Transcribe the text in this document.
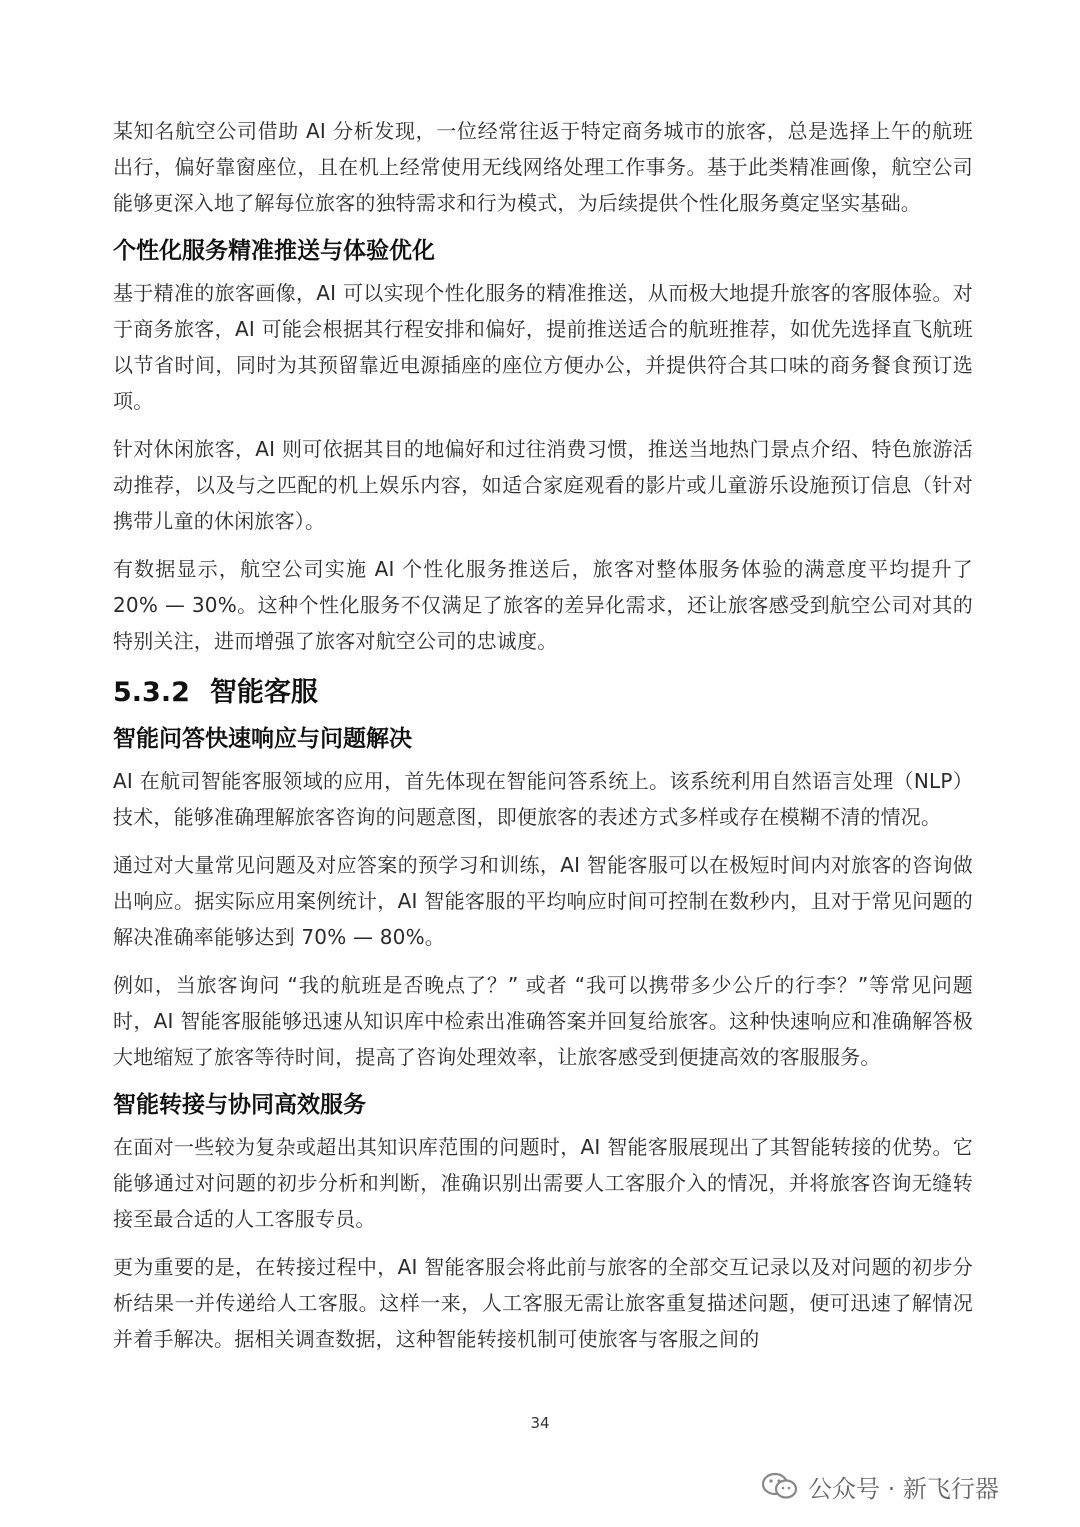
某知名航空公司借助 AI 分析发现，一位经常往返于特定商务城市的旅客，总是选择上午的航班出行，偏好靠窗座位，且在机上经常使用无线网络处理工作事务。基于此类精准画像，航空公司能够更深入地了解每位旅客的独特需求和行为模式，为后续提供个性化服务奠定坚实基础。

个性化服务精准推送与体验优化

基于精准的旅客画像，AI 可以实现个性化服务的精准推送，从而极大地提升旅客的客服体验。对于商务旅客，AI 可能会根据其行程安排和偏好，提前推送适合的航班推荐，如优先选择直飞航班以节省时间，同时为其预留靠近电源插座的座位方便办公，并提供符合其口味的商务餐食预订选项。

针对休闲旅客，AI 则可依据其目的地偏好和过往消费习惯，推送当地热门景点介绍、特色旅游活动推荐，以及与之匹配的机上娱乐内容，如适合家庭观看的影片或儿童游乐设施预订信息（针对携带儿童的休闲旅客）。

有数据显示，航空公司实施 AI 个性化服务推送后，旅客对整体服务体验的满意度平均提升了 20% — 30%。这种个性化服务不仅满足了旅客的差异化需求，还让旅客感受到航空公司对其的特别关注，进而增强了旅客对航空公司的忠诚度。

5.3.2 智能客服
智能问答快速响应与问题解决

AI 在航司智能客服领域的应用，首先体现在智能问答系统上。该系统利用自然语言处理（NLP）技术，能够准确理解旅客咨询的问题意图，即便旅客的表述方式多样或存在模糊不清的情况。

通过对大量常见问题及对应答案的预学习和训练，AI 智能客服可以在极短时间内对旅客的咨询做出响应。据实际应用案例统计，AI 智能客服的平均响应时间可控制在数秒内，且对于常见问题的解决准确率能够达到 70% — 80%。

例如，当旅客询问 “我的航班是否晚点了？” 或者 “我可以携带多少公斤的行李？”等常见问题时，AI 智能客服能够迅速从知识库中检索出准确答案并回复给旅客。这种快速响应和准确解答极大地缩短了旅客等待时间，提高了咨询处理效率，让旅客感受到便捷高效的客服服务。

智能转接与协同高效服务

在面对一些较为复杂或超出其知识库范围的问题时，AI 智能客服展现出了其智能转接的优势。它能够通过对问题的初步分析和判断，准确识别出需要人工客服介入的情况，并将旅客咨询无缝转接至最合适的人工客服专员。

更为重要的是，在转接过程中，AI 智能客服会将此前与旅客的全部交互记录以及对问题的初步分析结果一并传递给人工客服。这样一来，人工客服无需让旅客重复描述问题，便可迅速了解情况并着手解决。据相关调查数据，这种智能转接机制可使旅客与客服之间的

34
公众号 · 新飞行器
